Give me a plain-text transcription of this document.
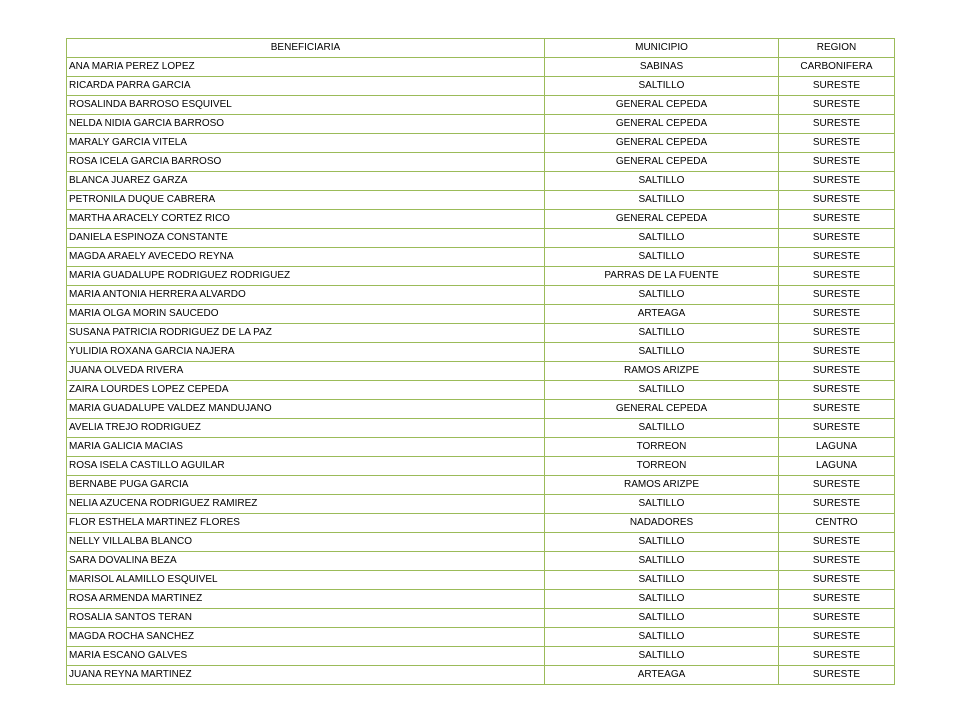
BENEFICIARIA	MUNICIPIO	REGION
ANA MARIA PEREZ LOPEZ	SABINAS	CARBONIFERA
RICARDA PARRA GARCIA	SALTILLO	SURESTE
ROSALINDA BARROSO ESQUIVEL	GENERAL CEPEDA	SURESTE
NELDA NIDIA GARCIA BARROSO	GENERAL CEPEDA	SURESTE
MARALY GARCIA VITELA	GENERAL CEPEDA	SURESTE
ROSA ICELA GARCIA BARROSO	GENERAL CEPEDA	SURESTE
BLANCA JUAREZ GARZA	SALTILLO	SURESTE
PETRONILA DUQUE CABRERA	SALTILLO	SURESTE
MARTHA ARACELY CORTEZ RICO	GENERAL CEPEDA	SURESTE
DANIELA ESPINOZA CONSTANTE	SALTILLO	SURESTE
MAGDA ARAELY AVECEDO REYNA	SALTILLO	SURESTE
MARIA GUADALUPE RODRIGUEZ RODRIGUEZ	PARRAS DE LA FUENTE	SURESTE
MARIA ANTONIA HERRERA ALVARDO	SALTILLO	SURESTE
MARIA OLGA MORIN SAUCEDO	ARTEAGA	SURESTE
SUSANA PATRICIA RODRIGUEZ DE LA PAZ	SALTILLO	SURESTE
YULIDIA ROXANA GARCIA NAJERA	SALTILLO	SURESTE
JUANA OLVEDA RIVERA	RAMOS ARIZPE	SURESTE
ZAIRA LOURDES LOPEZ CEPEDA	SALTILLO	SURESTE
MARIA GUADALUPE VALDEZ MANDUJANO	GENERAL CEPEDA	SURESTE
AVELIA TREJO RODRIGUEZ	SALTILLO	SURESTE
MARIA GALICIA MACIAS	TORREON	LAGUNA
ROSA ISELA CASTILLO AGUILAR	TORREON	LAGUNA
BERNABE PUGA GARCIA	RAMOS ARIZPE	SURESTE
NELIA AZUCENA RODRIGUEZ RAMIREZ	SALTILLO	SURESTE
FLOR ESTHELA MARTINEZ FLORES	NADADORES	CENTRO
NELLY VILLALBA BLANCO	SALTILLO	SURESTE
SARA DOVALINA BEZA	SALTILLO	SURESTE
MARISOL ALAMILLO ESQUIVEL	SALTILLO	SURESTE
ROSA ARMENDA MARTINEZ	SALTILLO	SURESTE
ROSALIA SANTOS TERAN	SALTILLO	SURESTE
MAGDA ROCHA SANCHEZ	SALTILLO	SURESTE
MARIA ESCANO GALVES	SALTILLO	SURESTE
JUANA REYNA MARTINEZ	ARTEAGA	SURESTE
